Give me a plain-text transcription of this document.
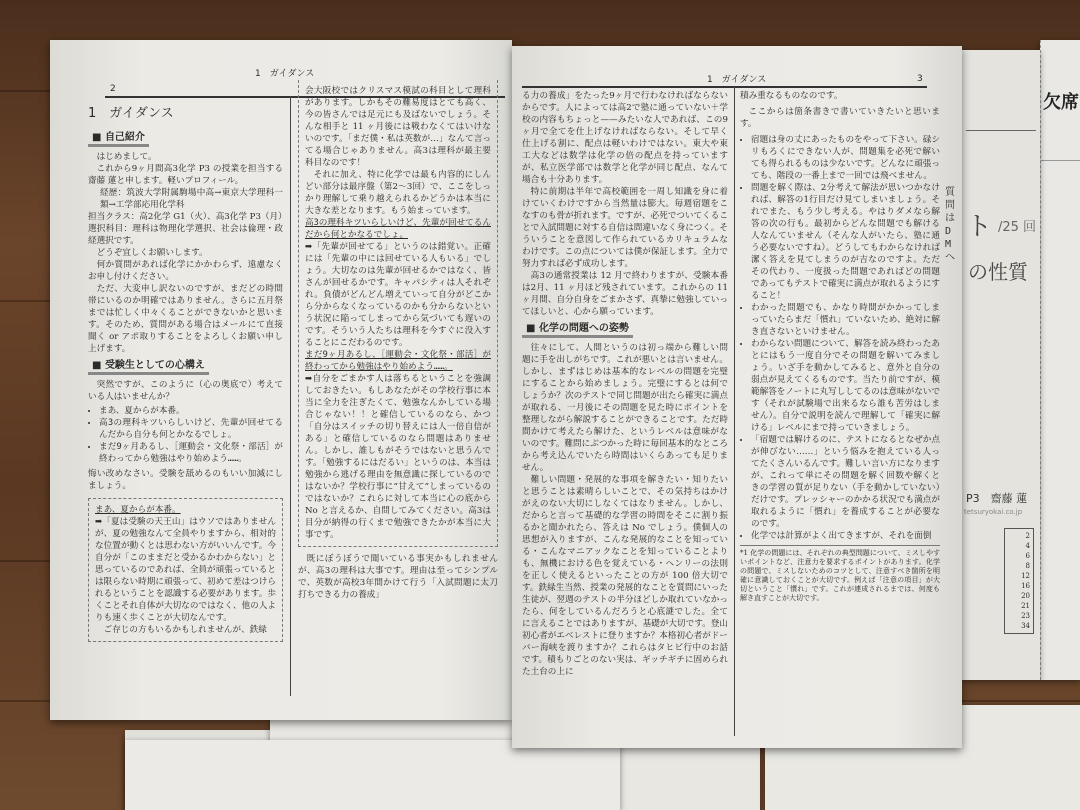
欠席
ト /25 回
の性質
P3　齋藤 蓮
tetsuryokai.co.jp
2
4
6
8
12
16
20
21
23
34
2
1　ガイダンス
1　ガイダンス
■ 自己紹介

はじめまして。

これから9ヶ月間高3化学 P3 の授業を担当する齋藤 蓮と申します。軽いプロフィール。

経歴：筑波大学附属駒場中高→東京大学理科一類→工学部応用化学科

担当クラス：高2化学 G1（火）、高3化学 P3（月）

選択科目：理科は物理化学選択、社会は倫理・政経選択です。

どうぞ宜しくお願いします。

何か質問があれば化学にかかわらず、遠慮なくお申し付けください。

ただ、大変申し訳ないのですが、まだどの時間帯にいるのか明確ではありません。さらに五月祭までは忙しく中々くることができないかと思います。そのため、質問がある場合はメールにて直接聞く or アポ取りすることをよろしくお願い申し上げます。

■ 受験生としての心構え

突然ですが、このように（心の奥底で）考えている人はいませんか？

• まあ、夏からが本番。
• 高3の理科キツいらしいけど、先輩が回せてるんだから自分も何とかなるでしょ。
• まだ9ヶ月あるし、［運動会・文化祭・部活］が終わってから勉強はやり始めよう……。

悔い改めなさい。受験を舐めるのもいい加減にしましょう。

まあ、夏からが本番。

➡「夏は受験の天王山」はウソではありませんが、夏の勉強なんて全員やりますから、相対的な位置が動くとは思わない方がいいんです。今自分が「このままだと受かるかわからない」と思っているのであれば、全員が頑張っているとは限らない時期に頑張って、初めて差はつけられるということを認識する必要があります。歩くことそれ自体が大切なのではなく、他の人よりも速く歩くことが大切なんです。

ご存じの方もいるかもしれませんが、鉄緑

会大阪校ではクリスマス模試の科目として理科があります。しかもその難易度はとても高く、今の皆さんでは足元にも及ばないでしょう。そんな相手と 11 ヶ月後には戦わなくてはいけないのです。「まだ僕・私は英数が…」なんて言ってる場合じゃありません。高3は理科が最主要科目なのです！

それに加え、特に化学では最も内容的にしんどい部分は最序盤（第2〜3回）で、ここをしっかり理解して乗り越えられるかどうかは本当に大きな差となります。もう始まっています。

高3の理科キツいらしいけど、先輩が回せてるんだから何とかなるでしょ。

➡「先輩が回せてる」というのは錯覚い。正確には「先輩の中には回せている人もいる」でしょう。大切なのは先輩が回せるかではなく、皆さんが回せるかです。キャパシティは人それぞれ。負債がどんどん増えていって自分がどこから分からなくなっているのかも分からないという状況に陥ってしまってから気づいても遅いのです。そういう人たちは理科を今すぐに没入することにこだわるのです。

まだ9ヶ月あるし、［運動会・文化祭・部活］が終わってから勉強はやり始めよう……。

➡自分をごまかす人は落ちるということを強調しておきたい。もしあなたがその学校行事に本当に全力を注ぎたくて、勉強なんかしている場合じゃない！！と確信しているのなら、かつ「自分はスイッチの切り替えには人一倍自信がある」と確信しているのなら問題はありません。しかし、誰しもがそうではないと思うんです。「勉強するにはだるい」というのは、本当は勉強から逃げる理由を無意識に探しているのではないか？学校行事に“甘えて”しまっているのではないか？これらに対して本当に心の底から No と言えるか、自問してみてください。高3は目分が納得の行くまで勉強できたかが本当に大事です。

既にぼうぼうで聞いている事実かもしれませんが、高3の理科は大事です。理由は至ってシンプルで、英数が高校3年間かけて行う「入試問題に太刀打ちできる力の養成」

1　ガイダンス	3

る力の養成」をたった9ヶ月で行わなければならないからです。人によっては高2で塾に通っていない＋学校の内容もちょっと——みたいな人であれば、この9ヶ月で全てを仕上げなければならない。そして早く仕上げる割に、配点は軽いわけではない。東大や東工大などは数学は化学の倍の配点を持っていますが、私立医学部では数学と化学が同じ配点、なんて場合も十分あります。

特に前期は半年で高校範囲を一周し知識を身に着けていくわけですから当然量は膨大。毎週宿題をこなすのも骨が折れます。ですが、必死でついてくることで入試問題に対する自信は間違いなく身につく。そういうことを意図して作られているカリキュラムなわけです。この点については僕が保証します。全力で努力すれば必ず成功します。

高3の通常授業は 12 月で終わりますが、受験本番は2月、11 ヶ月ほど残されています。これからの 11 ヶ月間、自分自身をごまかさず、真摯に勉強していってほしいと、心から願っています。

■ 化学の問題への姿勢

往々にして、人間というのは初っ端から難しい問題に手を出しがちです。これが悪いとは言いません。しかし、まずはじめは基本的なレベルの問題を完璧にすることから始めましょう。完璧にするとは何でしょうか？次のテストで同じ問題が出たら確実に満点が取れる、一月後にその問題を見た時にポイントを整理しながら解説することができることです。ただ時間かけて考えたら解けた、というレベルは意味がないのです。難問にぶつかった時に毎回基本的なところから考え込んでいたら時間はいくらあっても足りません。

難しい問題・発展的な事項を解きたい・知りたいと思うことは素晴らしいことで、その気持ちはかけがえのない大切にしなくてはなりません。しかし、だからと言って基礎的な学習の時間をそこに割り振るかと聞かれたら、答えは No でしょう。僕個人の思想が入りますが、こんな発展的なことを知っている・こんなマニアックなことを知っていることよりも、無機における色を覚えている・ヘンリーの法則を正しく使えるといったことの方が 100 倍大切です。鉄緑生当然、授業の発展的なことを質問にいった生徒が、翌週のテストの半分ほどしか取れていなかったら、何をしているんだろうと心底謎でした。全てに言えることではありますが、基礎が大切です。登山初心者がエベレストに登りますか？本格初心者がドーバー海峡を渡りますか？これらはタヒビ行中のお話です。積もりごとのない実は、ギッチギチに固められた土台の上に

積み重なるものなのです。

ここからは箇条書きで書いていきたいと思います。

• 宿題は身の丈にあったものをやって下さい。碌シリもろくにできない人が、問題集を必死で解いても得られるものは少ないです。どんなに頑張っても、階段の一番上まで一回では飛べません。
• 問題を解く際は、2分考えて解法が思いつかなければ、解答の1行目だけ見てしまいましょう。それでまた、もう少し考える。やはりダメなら解答の次の行も。最初からどんな問題でも解ける人なんていません（そんな人がいたら、塾に通う必要ないですね）。どうしてもわからなければ潔く答えを見てしまうのが吉なのですよ。ただその代わり、一度扱った問題であればどの問題であってもテストで確実に満点が取れるようにすること！
• わかった問題でも、かなり時間がかかってしまっていたらまだ「慣れ」ていないため、絶対に解き直さないといけません。
• わからない問題について、解答を読み終わったあとにはもう一度自分でその問題を解いてみましょう。いざ手を動かしてみると、意外と自分の弱点が見えてくるものです。当たり前ですが、模範解答をノートに丸写ししてるのは意味がないです（それが試験場で出来るなら誰も苦労はしません）。自分で説明を読んで理解して「確実に解ける」レベルにまで持っていきましょう。
• 「宿題では解けるのに、テストになるとなぜか点が伸びない……」という悩みを抱えている人ってたくさんいるんです。難しい言い方になりますが、これって単にその問題を解く回数や解くときの学習の質が足りない（手を動かしていない）だけです。プレッシャーのかかる状況でも満点が取れるように「慣れ」を養成することが必要なのです。
• 化学では計算がよく出てきますが、それを面倒
*1 化学の問題には、それぞれの典型問題について、ミスしやすいポイントなど、注意力を要求するポイントがあります。化学の問題で、ミスしないためのコツとして、注意すべき箇所を明確に意識しておくことが大切です。例えば「注意の項目」が大切ということ「慣れ」です。これが連成されるまでは、何度も解き直すことが大切です。
質問はDMへ
